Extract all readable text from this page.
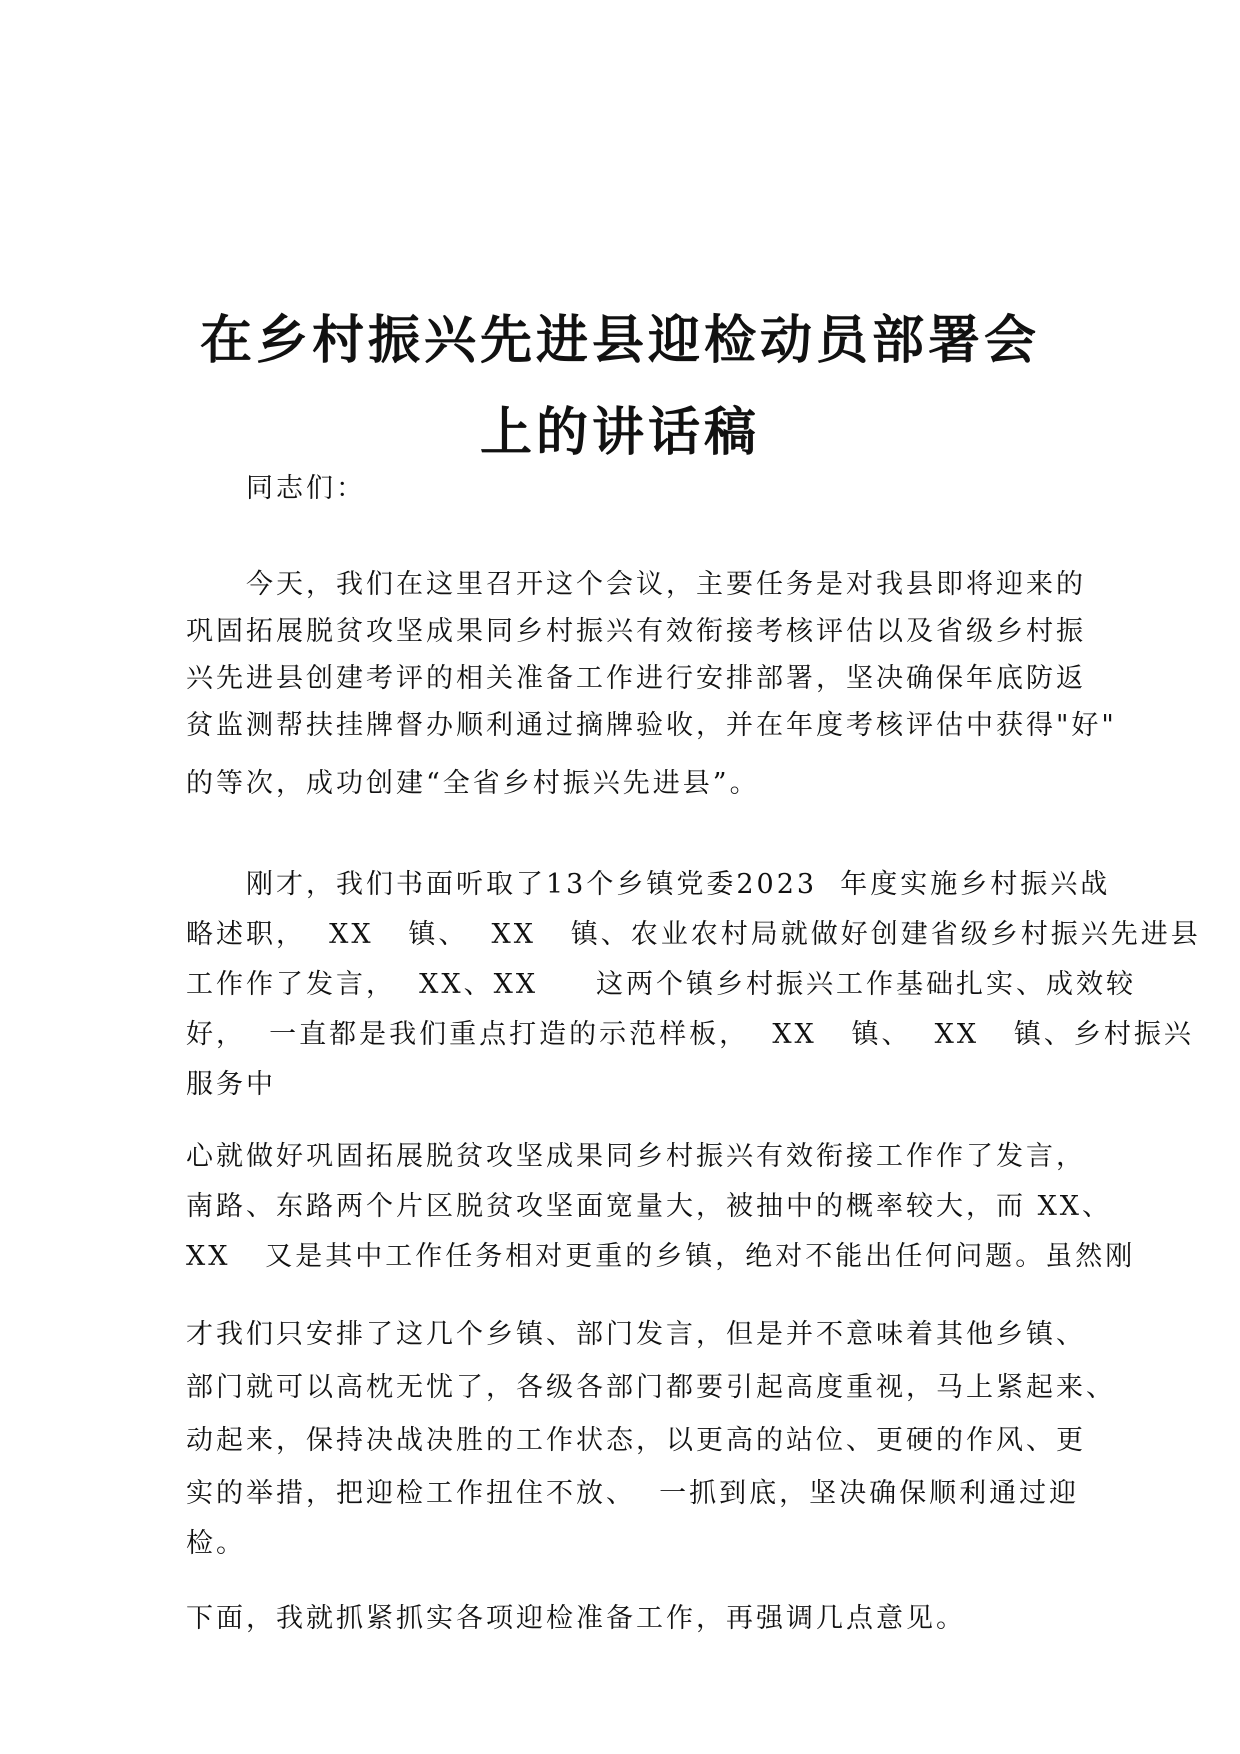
在乡村振兴先进县迎检动员部署会
上的讲话稿
同志们：
今天，我们在这里召开这个会议，主要任务是对我县即将迎来的
巩固拓展脱贫攻坚成果同乡村振兴有效衔接考核评估以及省级乡村振
兴先进县创建考评的相关准备工作进行安排部署，坚决确保年底防返
贫监测帮扶挂牌督办顺利通过摘牌验收，并在年度考核评估中获得"好"
的等次，成功创建“全省乡村振兴先进县”。
刚才，我们书面听取了13个乡镇党委2023  年度实施乡村振兴战
略述职，  XX   镇、  XX   镇、农业农村局就做好创建省级乡村振兴先进县
工作作了发言，  XX、XX     这两个镇乡村振兴工作基础扎实、成效较
好，  一直都是我们重点打造的示范样板，  XX   镇、  XX   镇、乡村振兴
服务中
心就做好巩固拓展脱贫攻坚成果同乡村振兴有效衔接工作作了发言，
南路、东路两个片区脱贫攻坚面宽量大，被抽中的概率较大，而 XX、
XX   又是其中工作任务相对更重的乡镇，绝对不能出任何问题。虽然刚
才我们只安排了这几个乡镇、部门发言，但是并不意味着其他乡镇、
部门就可以高枕无忧了，各级各部门都要引起高度重视，马上紧起来、
动起来，保持决战决胜的工作状态，以更高的站位、更硬的作风、更
实的举措，把迎检工作扭住不放、  一抓到底，坚决确保顺利通过迎
检。
下面，我就抓紧抓实各项迎检准备工作，再强调几点意见。
